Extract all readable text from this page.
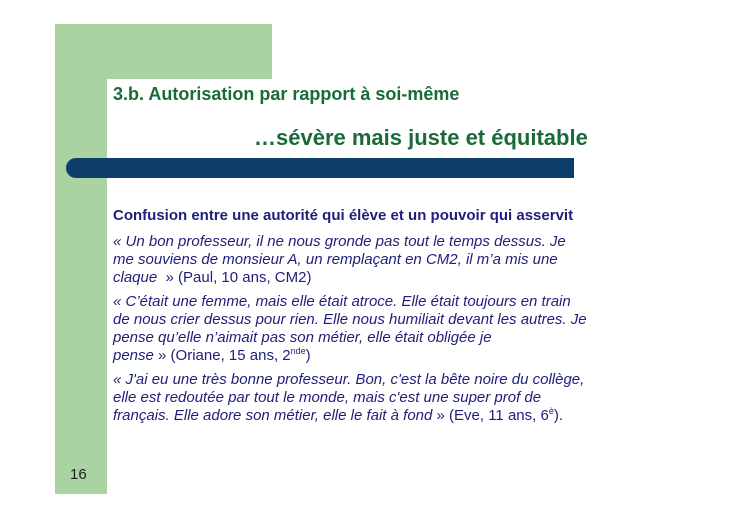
3.b. Autorisation par rapport à soi-même
…sévère mais juste et équitable

Confusion entre une autorité qui élève et un pouvoir qui asservit

« Un bon professeur, il ne nous gronde pas tout le temps dessus. Je
me souviens de monsieur A, un remplaçant en CM2, il m’a mis une
claque » (Paul, 10 ans, CM2)
« C’était une femme, mais elle était atroce. Elle était toujours en train
de nous crier dessus pour rien. Elle nous humiliait devant les autres. Je
pense qu’elle n’aimait pas son métier, elle était obligée je
pense » (Oriane, 15 ans, 2nde)
« J'ai eu une très bonne professeur. Bon, c'est la bête noire du collège,
elle est redoutée par tout le monde, mais c'est une super prof de
français. Elle adore son métier, elle le fait à fond » (Eve, 11 ans, $6^è$).
16
